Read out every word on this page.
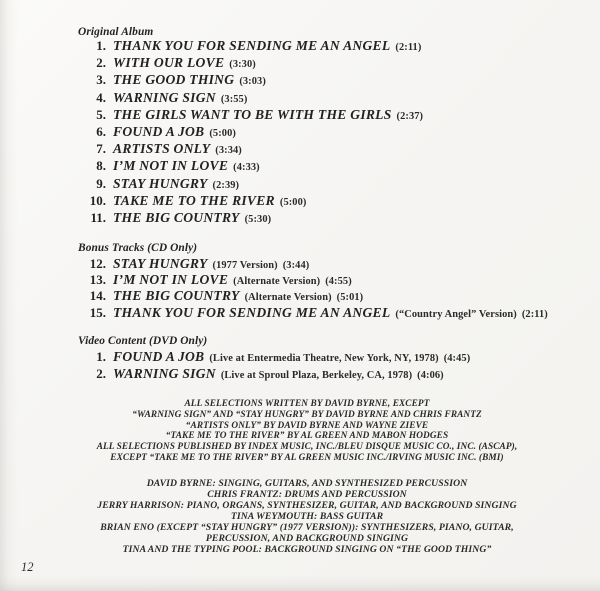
Original Album
1. THANK YOU FOR SENDING ME AN ANGEL (2:11)
2. WITH OUR LOVE (3:30)
3. THE GOOD THING (3:03)
4. WARNING SIGN (3:55)
5. THE GIRLS WANT TO BE WITH THE GIRLS (2:37)
6. FOUND A JOB (5:00)
7. ARTISTS ONLY (3:34)
8. I’M NOT IN LOVE (4:33)
9. STAY HUNGRY (2:39)
10. TAKE ME TO THE RIVER (5:00)
11. THE BIG COUNTRY (5:30)
Bonus Tracks (CD Only)
12. STAY HUNGRY (1977 Version) (3:44)
13. I’M NOT IN LOVE (Alternate Version) (4:55)
14. THE BIG COUNTRY (Alternate Version) (5:01)
15. THANK YOU FOR SENDING ME AN ANGEL (“Country Angel” Version) (2:11)
Video Content (DVD Only)
1. FOUND A JOB (Live at Entermedia Theatre, New York, NY, 1978) (4:45)
2. WARNING SIGN (Live at Sproul Plaza, Berkeley, CA, 1978) (4:06)
ALL SELECTIONS WRITTEN BY DAVID BYRNE, EXCEPT
“WARNING SIGN” AND “STAY HUNGRY” BY DAVID BYRNE AND CHRIS FRANTZ
“ARTISTS ONLY” BY DAVID BYRNE AND WAYNE ZIEVE
“TAKE ME TO THE RIVER” BY AL GREEN AND MABON HODGES
ALL SELECTIONS PUBLISHED BY INDEX MUSIC, INC./BLEU DISQUE MUSIC CO., INC. (ASCAP),
EXCEPT “TAKE ME TO THE RIVER” BY AL GREEN MUSIC INC./IRVING MUSIC INC. (BMI)
DAVID BYRNE: SINGING, GUITARS, AND SYNTHESIZED PERCUSSION
CHRIS FRANTZ: DRUMS AND PERCUSSION
JERRY HARRISON: PIANO, ORGANS, SYNTHESIZER, GUITAR, AND BACKGROUND SINGING
TINA WEYMOUTH: BASS GUITAR
BRIAN ENO (EXCEPT “STAY HUNGRY” (1977 VERSION)): SYNTHESIZERS, PIANO, GUITAR,
PERCUSSION, AND BACKGROUND SINGING
TINA AND THE TYPING POOL: BACKGROUND SINGING ON “THE GOOD THING”
12
